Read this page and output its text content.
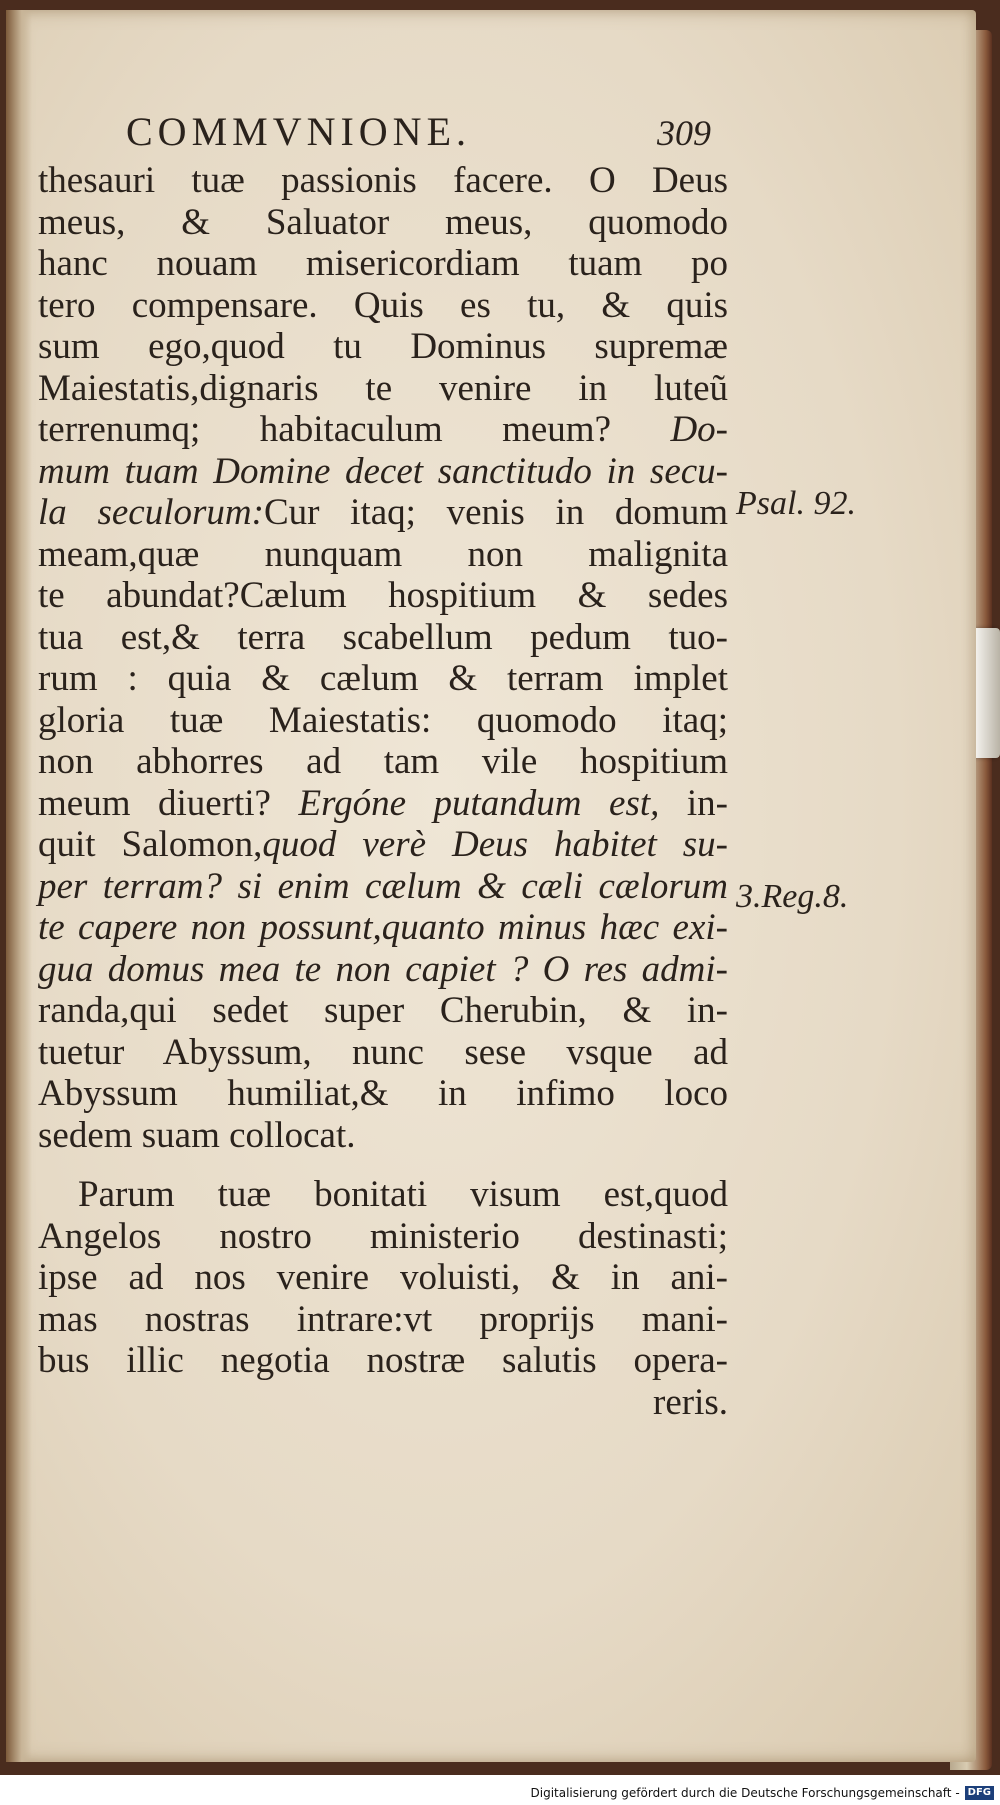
COMMVNIONE.	309
thesauri tuæ passionis facere. O Deus
meus, & Saluator meus, quomodo
hanc nouam misericordiam tuam po
tero compensare. Quis es tu, & quis
sum ego,quod tu Dominus supremæ
Maiestatis,dignaris te venire in luteũ
terrenumq; habitaculum meum? Do-
mum tuam Domine decet sanctitudo in secu-
la seculorum:Cur itaq; venis in domum
meam,quæ nunquam non malignita
te abundat?Cælum hospitium & sedes
tua est,& terra scabellum pedum tuo-
rum : quia & cælum & terram implet
gloria tuæ Maiestatis: quomodo itaq;
non abhorres ad tam vile hospitium
meum diuerti? Ergóne putandum est, in-
quit Salomon,quod verè Deus habitet su-
per terram? si enim cælum & cæli cælorum
te capere non possunt,quanto minus hæc exi-
gua domus mea te non capiet ? O res admi-
randa,qui sedet super Cherubin, & in-
tuetur Abyssum, nunc sese vsque ad
Abyssum humiliat,& in infimo loco
sedem suam collocat.
Parum tuæ bonitati visum est,quod
Angelos nostro ministerio destinasti;
ipse ad nos venire voluisti, & in ani-
mas nostras intrare:vt proprijs mani-
bus illic negotia nostræ salutis opera-
reris.
Psal. 92.
3.Reg.8.
Digitalisierung gefördert durch die Deutsche Forschungsgemeinschaft - DFG
